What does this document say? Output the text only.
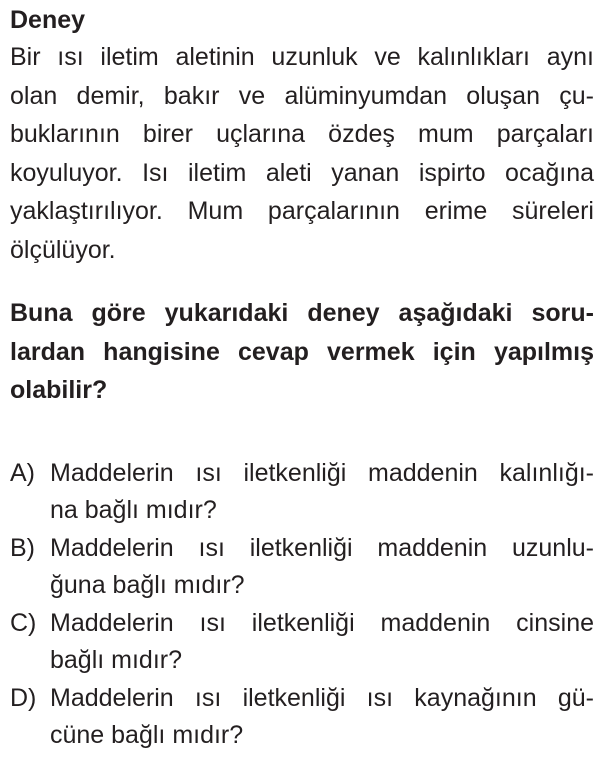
Deney
Bir ısı iletim aletinin uzunluk ve kalınlıkları aynı
olan demir, bakır ve alüminyumdan oluşan çu-
buklarının birer uçlarına özdeş mum parçaları
koyuluyor. Isı iletim aleti yanan ispirto ocağına
yaklaştırılıyor. Mum parçalarının erime süreleri
ölçülüyor.
Buna göre yukarıdaki deney aşağıdaki soru-
lardan hangisine cevap vermek için yapılmış
olabilir?
A) Maddelerin ısı iletkenliği maddenin kalınlığı-
na bağlı mıdır?
B) Maddelerin ısı iletkenliği maddenin uzunlu-
ğuna bağlı mıdır?
C) Maddelerin ısı iletkenliği maddenin cinsine
bağlı mıdır?
D) Maddelerin ısı iletkenliği ısı kaynağının gü-
cüne bağlı mıdır?
